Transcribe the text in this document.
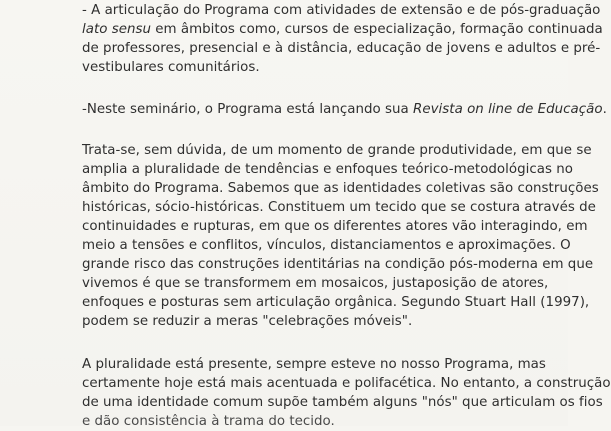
- A articulação do Programa com atividades de extensão e de pós-graduação
lato sensu em âmbitos como, cursos de especialização, formação continuada
de professores, presencial e à distância, educação de jovens e adultos e pré-
vestibulares comunitários.
-Neste seminário, o Programa está lançando sua Revista on line de Educação.
Trata-se, sem dúvida, de um momento de grande produtividade, em que se
amplia a pluralidade de tendências e enfoques teórico-metodológicas no
âmbito do Programa. Sabemos que as identidades coletivas são construções
históricas, sócio-históricas. Constituem um tecido que se costura através de
continuidades e rupturas, em que os diferentes atores vão interagindo, em
meio a tensões e conflitos, vínculos, distanciamentos e aproximações. O
grande risco das construções identitárias na condição pós-moderna em que
vivemos é que se transformem em mosaicos, justaposição de atores,
enfoques e posturas sem articulação orgânica. Segundo Stuart Hall (1997),
podem se reduzir a meras "celebrações móveis".
A pluralidade está presente, sempre esteve no nosso Programa, mas
certamente hoje está mais acentuada e polifacética. No entanto, a construção
de uma identidade comum supõe também alguns "nós" que articulam os fios
e dão consistência à trama do tecido.
